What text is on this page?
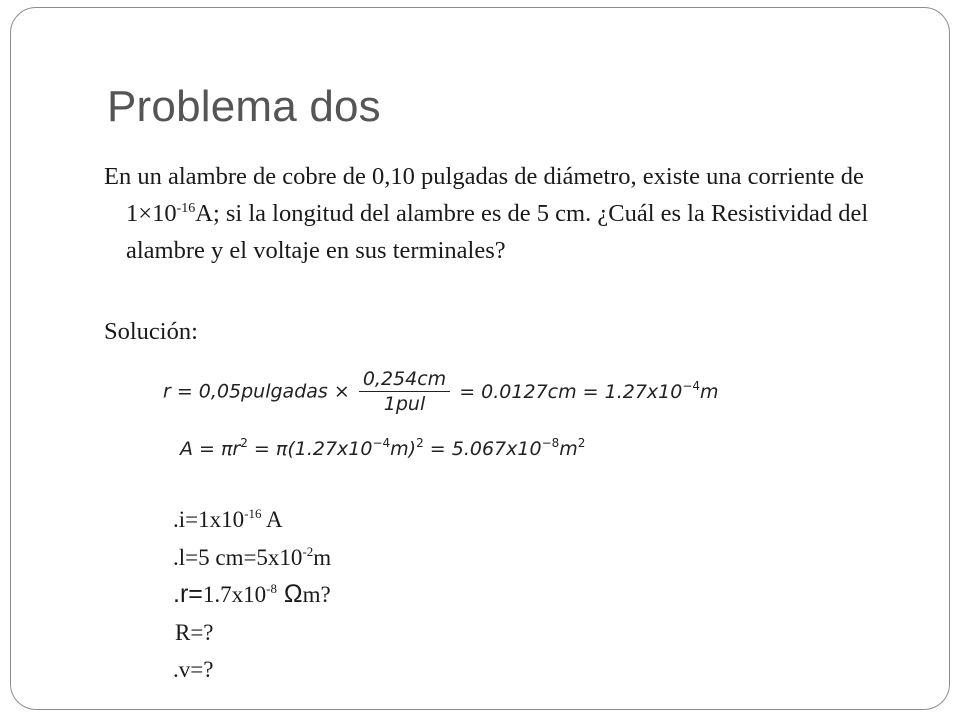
Problema dos
En un alambre de cobre de 0,10 pulgadas de diámetro, existe una corriente de $1\times 10^{-16}A$; si la longitud del alambre es de 5 cm. ¿Cuál es la Resistividad del alambre y el voltaje en sus terminales?
Solución:
r = 0,05pulgadas × $\frac{0,254cm}{\text{1pul}} = 0.0127cm = 1.27x10^{-4}m$
$A = \pi r^2 = \pi(1.27x10^{-4}m)^2 = 5.067x10^{-8}m^2$
$.i=1x10^{-16}$ A
.l=5 $cm=5x10^{-2}m$
$.r=1.7x10^{-8}$ Ωm?
R=?
.v=?
